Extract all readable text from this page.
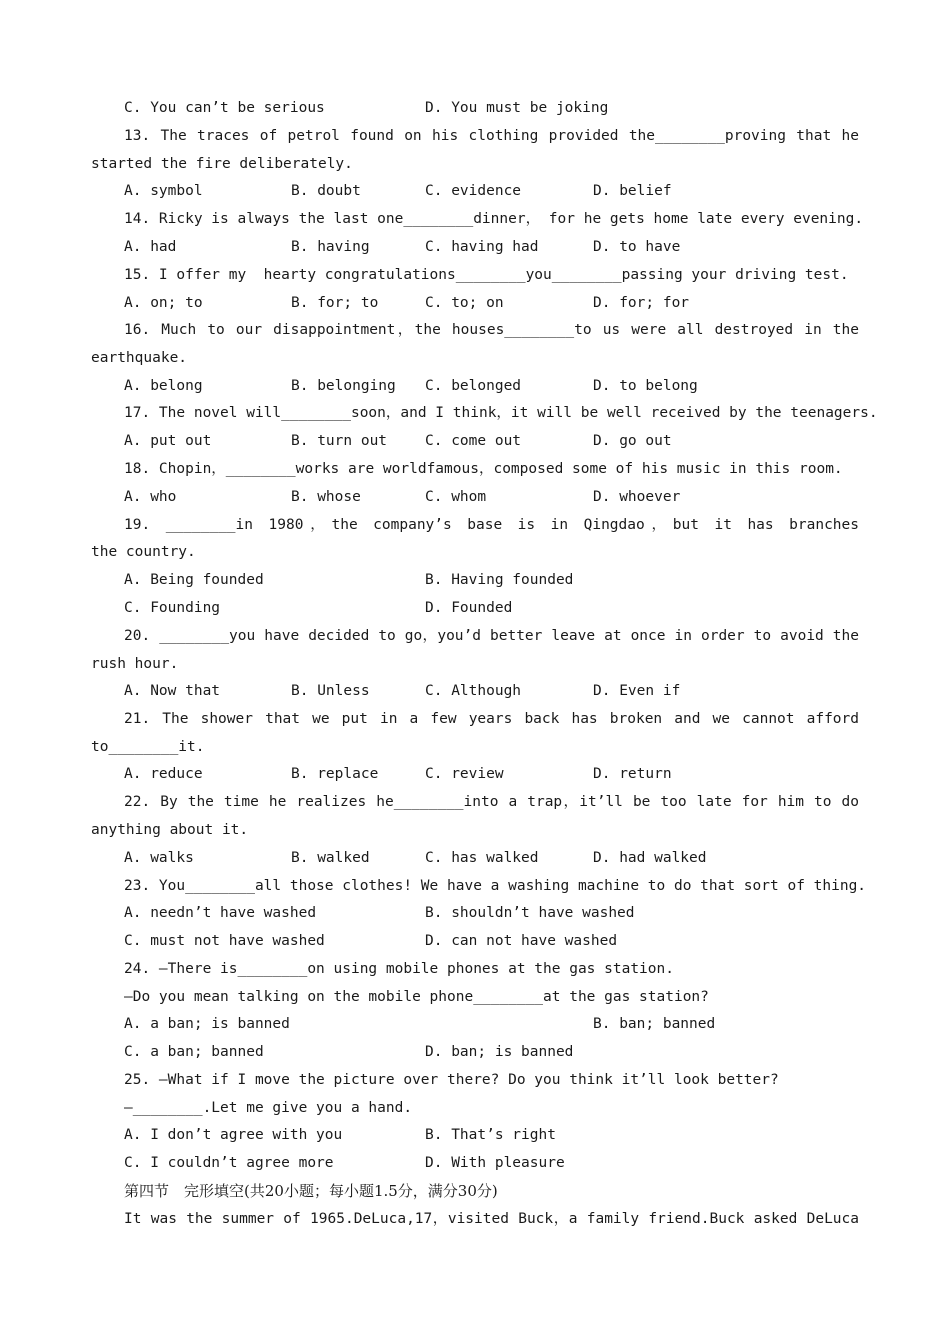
C. You can’t be serious	D. You must be joking
13. The traces of petrol found on his clothing provided the________proving that he
started the fire deliberately.
A. symbol	B. doubt	C. evidence	D. belief
14. Ricky is always the last one________dinner， for he gets home late every evening.
A. had	B. having	C. having had	D. to have
15. I offer my  hearty congratulations________you________passing your driving test.
A. on; to	B. for; to	C. to; on	D. for; for
16. Much to our disappointment，the houses________to us were all destroyed in the
earthquake.
A. belong	B. belonging C. belonged	D. to belong
17. The novel will________soon，and I think，it will be well received by the teenagers.
A. put out	B. turn out	C. come out	D. go out
18. Chopin，________works are worldfamous，composed some of his music in this room.
A. who	B. whose	C. whom	D. whoever
19. ________in 1980，the company’s base is in Qingdao，but it has branches
the country.
A. Being founded	B. Having founded
C. Founding	D. Founded
20. ________you have decided to go，you’d better leave at once in order to avoid the
rush hour.
A. Now that	B. Unless	C. Although	D. Even if
21. The shower that we put in a few years back has broken and we cannot afford
to________it.
A. reduce	B. replace	C. review	D. return
22. By the time he realizes he________into a trap，it’ll be too late for him to do
anything about it.
A. walks	B. walked	C. has walked	D. had walked
23. You________all those clothes! We have a washing machine to do that sort of thing.
A. needn’t have washed	B. shouldn’t have washed
C. must not have washed	D. can not have washed
24. —There is________on using mobile phones at the gas station.
—Do you mean talking on the mobile phone________at the gas station?
A. a ban; is banned	B. ban; banned
C. a ban; banned	D. ban; is banned
25. —What if I move the picture over there? Do you think it’ll look better?
—________.Let me give you a hand.
A. I don’t agree with you	B. That’s right
C. I couldn’t agree more	D. With pleasure
第四节　完形填空(共20小题；每小题1.5分，满分30分)
It was the summer of 1965.DeLuca,17，visited Buck，a family friend.Buck asked DeLuca
